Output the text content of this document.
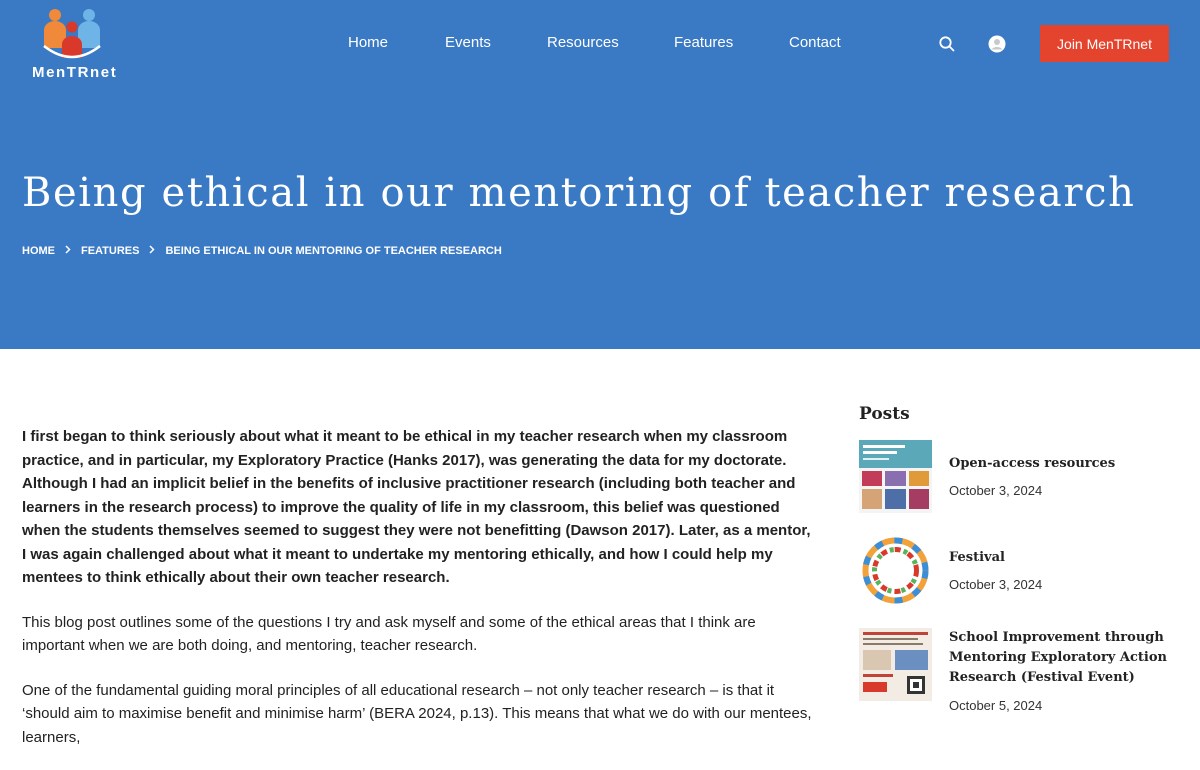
MenTRnet
Home	Events	Resources	Features	Contact	Join MenTRnet
Being ethical in our mentoring of teacher research
HOME FEATURES BEING ETHICAL IN OUR MENTORING OF TEACHER RESEARCH

I first began to think seriously about what it meant to be ethical in my teacher research when my classroom practice, and in particular, my Exploratory Practice (Hanks 2017), was generating the data for my doctorate. Although I had an implicit belief in the benefits of inclusive practitioner research (including both teacher and learners in the research process) to improve the quality of life in my classroom, this belief was questioned when the students themselves seemed to suggest they were not benefitting (Dawson 2017). Later, as a mentor, I was again challenged about what it meant to undertake my mentoring ethically, and how I could help my mentees to think ethically about their own teacher research.

This blog post outlines some of the questions I try and ask myself and some of the ethical areas that I think are important when we are both doing, and mentoring, teacher research.

One of the fundamental guiding moral principles of all educational research – not only teacher research – is that it ‘should aim to maximise benefit and minimise harm’ (BERA 2024, p.13). This means that what we do with our mentees, learners,

Posts
Open-access resources
October 3, 2024
Festival
October 3, 2024
School Improvement through Mentoring Exploratory Action Research (Festival Event)
October 5, 2024
